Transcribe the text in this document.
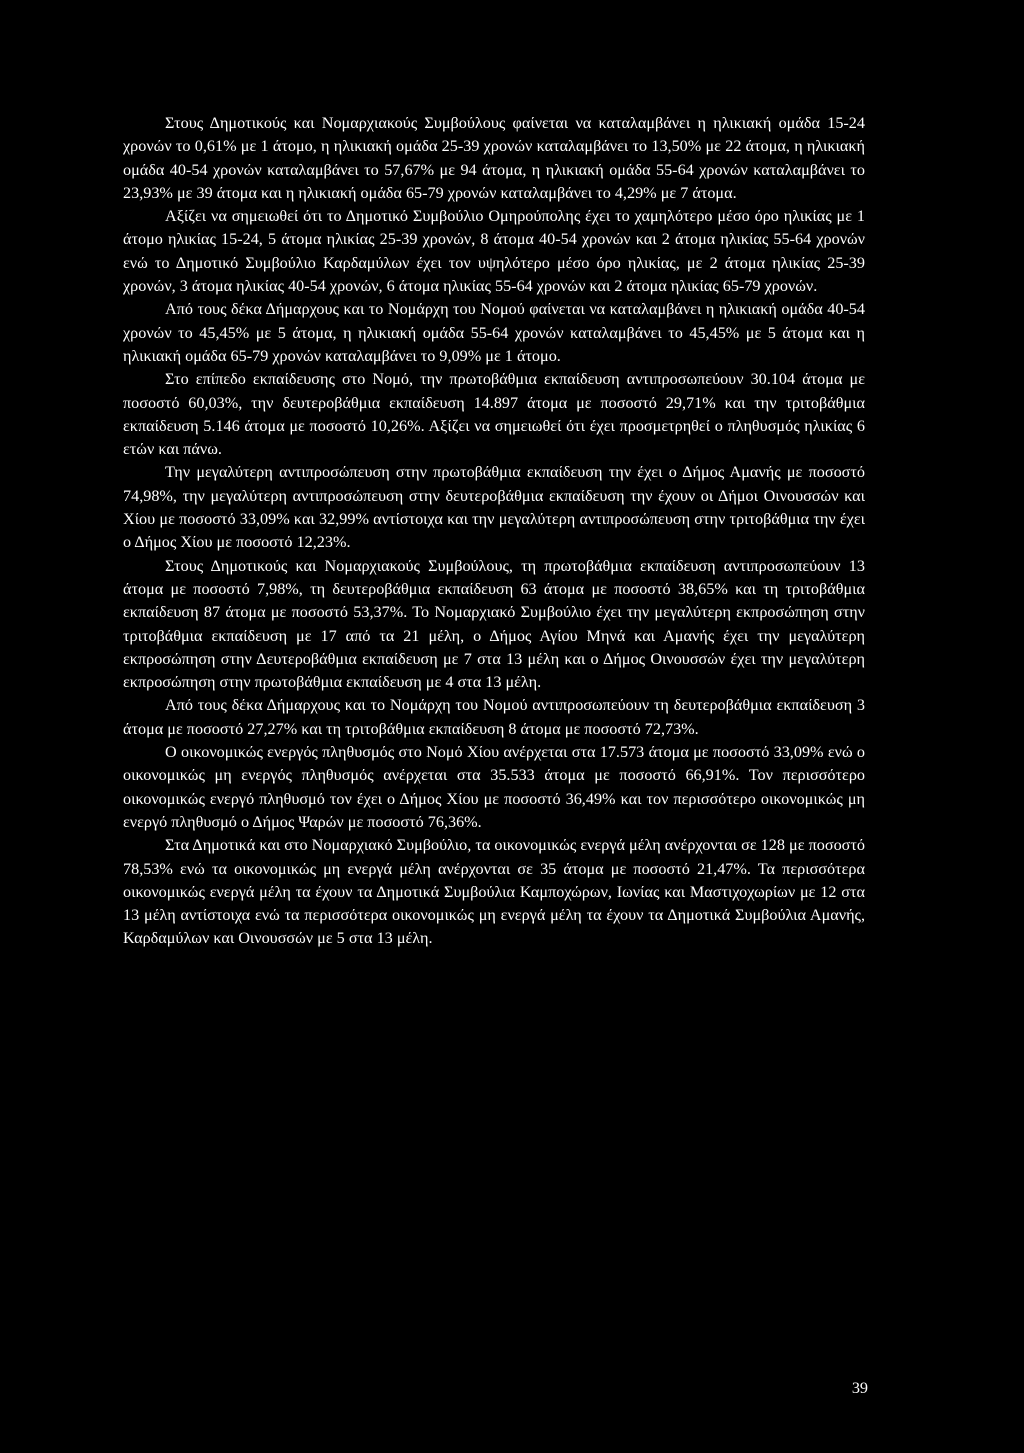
Στους Δημοτικούς και Νομαρχιακούς Συμβούλους φαίνεται να καταλαμβάνει η ηλικιακή ομάδα 15-24 χρονών το 0,61% με 1 άτομο, η ηλικιακή ομάδα 25-39 χρονών καταλαμβάνει το 13,50% με 22 άτομα, η ηλικιακή ομάδα 40-54 χρονών καταλαμβάνει το 57,67% με 94 άτομα, η ηλικιακή ομάδα 55-64 χρονών καταλαμβάνει το 23,93% με 39 άτομα και η ηλικιακή ομάδα 65-79 χρονών καταλαμβάνει το 4,29% με 7 άτομα.

Αξίζει να σημειωθεί ότι το Δημοτικό Συμβούλιο Ομηρούπολης έχει το χαμηλότερο μέσο όρο ηλικίας με 1 άτομο ηλικίας 15-24, 5 άτομα ηλικίας 25-39 χρονών, 8 άτομα 40-54 χρονών και 2 άτομα ηλικίας 55-64 χρονών ενώ το Δημοτικό Συμβούλιο Καρδαμύλων έχει τον υψηλότερο μέσο όρο ηλικίας, με 2 άτομα ηλικίας 25-39 χρονών, 3 άτομα ηλικίας 40-54 χρονών, 6 άτομα ηλικίας 55-64 χρονών και 2 άτομα ηλικίας 65-79 χρονών.

Από τους δέκα Δήμαρχους και το Νομάρχη του Νομού φαίνεται να καταλαμβάνει η ηλικιακή ομάδα 40-54 χρονών το 45,45% με 5 άτομα, η ηλικιακή ομάδα 55-64 χρονών καταλαμβάνει το 45,45% με 5 άτομα και η ηλικιακή ομάδα 65-79 χρονών καταλαμβάνει το 9,09% με 1 άτομο.

Στο επίπεδο εκπαίδευσης στο Νομό, την πρωτοβάθμια εκπαίδευση αντιπροσωπεύουν 30.104 άτομα με ποσοστό 60,03%, την δευτεροβάθμια εκπαίδευση 14.897 άτομα με ποσοστό 29,71% και την τριτοβάθμια εκπαίδευση 5.146 άτομα με ποσοστό 10,26%. Αξίζει να σημειωθεί ότι έχει προσμετρηθεί ο πληθυσμός ηλικίας 6 ετών και πάνω.

Την μεγαλύτερη αντιπροσώπευση στην πρωτοβάθμια εκπαίδευση την έχει ο Δήμος Αμανής με ποσοστό 74,98%, την μεγαλύτερη αντιπροσώπευση στην δευτεροβάθμια εκπαίδευση την έχουν οι Δήμοι Οινουσσών και Χίου με ποσοστό 33,09% και 32,99% αντίστοιχα και την μεγαλύτερη αντιπροσώπευση στην τριτοβάθμια την έχει ο Δήμος Χίου με ποσοστό 12,23%.

Στους Δημοτικούς και Νομαρχιακούς Συμβούλους, τη πρωτοβάθμια εκπαίδευση αντιπροσωπεύουν 13 άτομα με ποσοστό 7,98%, τη δευτεροβάθμια εκπαίδευση 63 άτομα με ποσοστό 38,65% και τη τριτοβάθμια εκπαίδευση 87 άτομα με ποσοστό 53,37%. Το Νομαρχιακό Συμβούλιο έχει την μεγαλύτερη εκπροσώπηση στην τριτοβάθμια εκπαίδευση με 17 από τα 21 μέλη, ο Δήμος Αγίου Μηνά και Αμανής έχει την μεγαλύτερη εκπροσώπηση στην Δευτεροβάθμια εκπαίδευση με 7 στα 13 μέλη και ο Δήμος Οινουσσών έχει την μεγαλύτερη εκπροσώπηση στην πρωτοβάθμια εκπαίδευση με 4 στα 13 μέλη.

Από τους δέκα Δήμαρχους και το Νομάρχη του Νομού αντιπροσωπεύουν τη δευτεροβάθμια εκπαίδευση 3 άτομα με ποσοστό 27,27% και τη τριτοβάθμια εκπαίδευση 8 άτομα με ποσοστό 72,73%.

Ο οικονομικώς ενεργός πληθυσμός στο Νομό Χίου ανέρχεται στα 17.573 άτομα με ποσοστό 33,09% ενώ ο οικονομικώς μη ενεργός πληθυσμός ανέρχεται στα 35.533 άτομα με ποσοστό 66,91%. Τον περισσότερο οικονομικώς ενεργό πληθυσμό τον έχει ο Δήμος Χίου με ποσοστό 36,49% και τον περισσότερο οικονομικώς μη ενεργό πληθυσμό ο Δήμος Ψαρών με ποσοστό 76,36%.

Στα Δημοτικά και στο Νομαρχιακό Συμβούλιο, τα οικονομικώς ενεργά μέλη ανέρχονται σε 128 με ποσοστό 78,53% ενώ τα οικονομικώς μη ενεργά μέλη ανέρχονται σε 35 άτομα με ποσοστό 21,47%. Τα περισσότερα οικονομικώς ενεργά μέλη τα έχουν τα Δημοτικά Συμβούλια Καμποχώρων, Ιωνίας και Μαστιχοχωρίων με 12 στα 13 μέλη αντίστοιχα ενώ τα περισσότερα οικονομικώς μη ενεργά μέλη τα έχουν τα Δημοτικά Συμβούλια Αμανής, Καρδαμύλων και Οινουσσών με 5 στα 13 μέλη.

39
